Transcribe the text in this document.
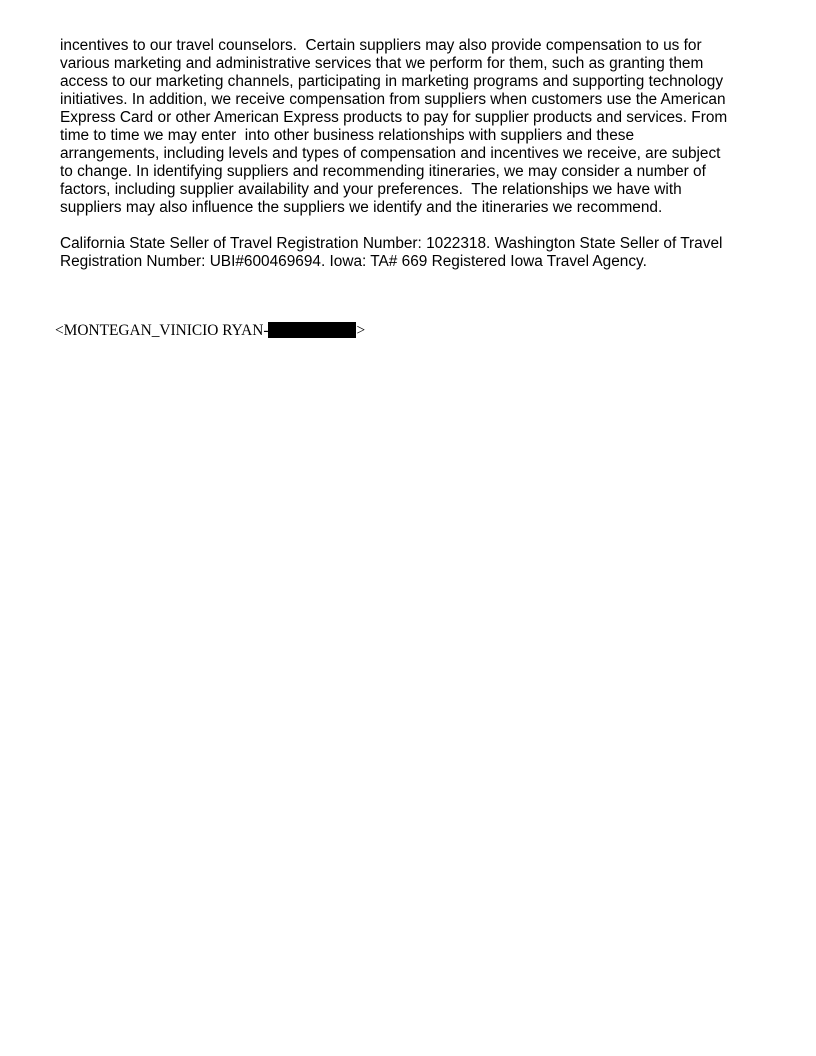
incentives to our travel counselors.  Certain suppliers may also provide compensation to us for
various marketing and administrative services that we perform for them, such as granting them
access to our marketing channels, participating in marketing programs and supporting technology
initiatives. In addition, we receive compensation from suppliers when customers use the American
Express Card or other American Express products to pay for supplier products and services. From
time to time we may enter  into other business relationships with suppliers and these
arrangements, including levels and types of compensation and incentives we receive, are subject
to change. In identifying suppliers and recommending itineraries, we may consider a number of
factors, including supplier availability and your preferences.  The relationships we have with
suppliers may also influence the suppliers we identify and the itineraries we recommend.
California State Seller of Travel Registration Number: 1022318. Washington State Seller of Travel
Registration Number: UBI#600469694. Iowa: TA# 669 Registered Iowa Travel Agency.
<MONTEGAN_VINICIO RYAN-	>
